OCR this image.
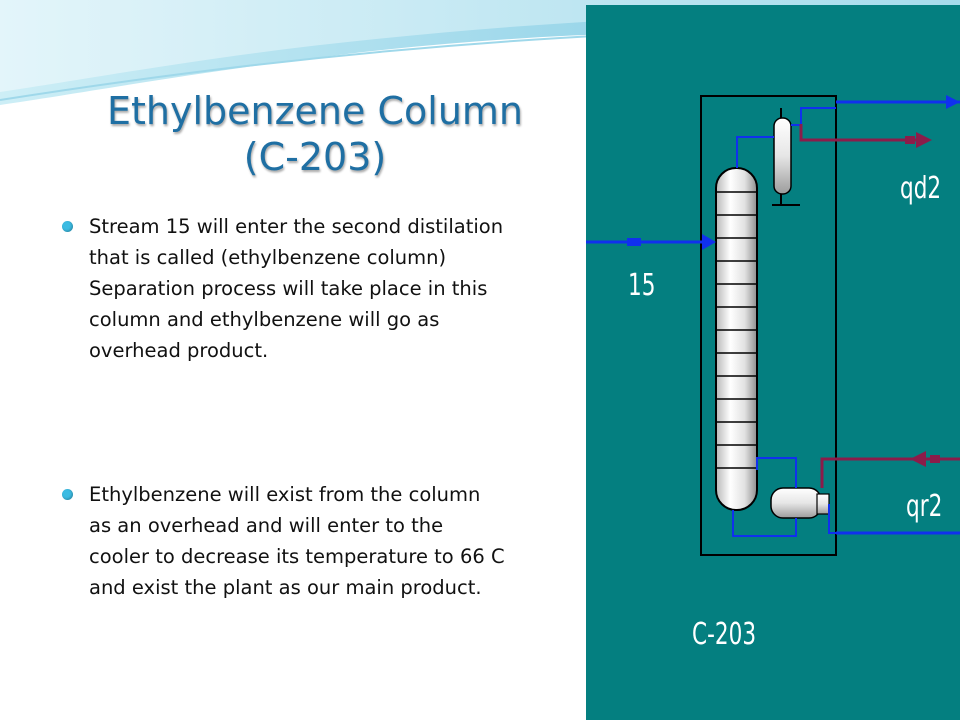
Ethylbenzene Column
(C-203)
Stream 15 will enter the second distilation that is called (ethylbenzene column) Separation process will take place in this column and ethylbenzene will go as overhead product.
Ethylbenzene will exist from the column as an overhead and will enter to the cooler to decrease its temperature to 66 C and exist the plant as our main product.
15
qd2
qr2
C-203
